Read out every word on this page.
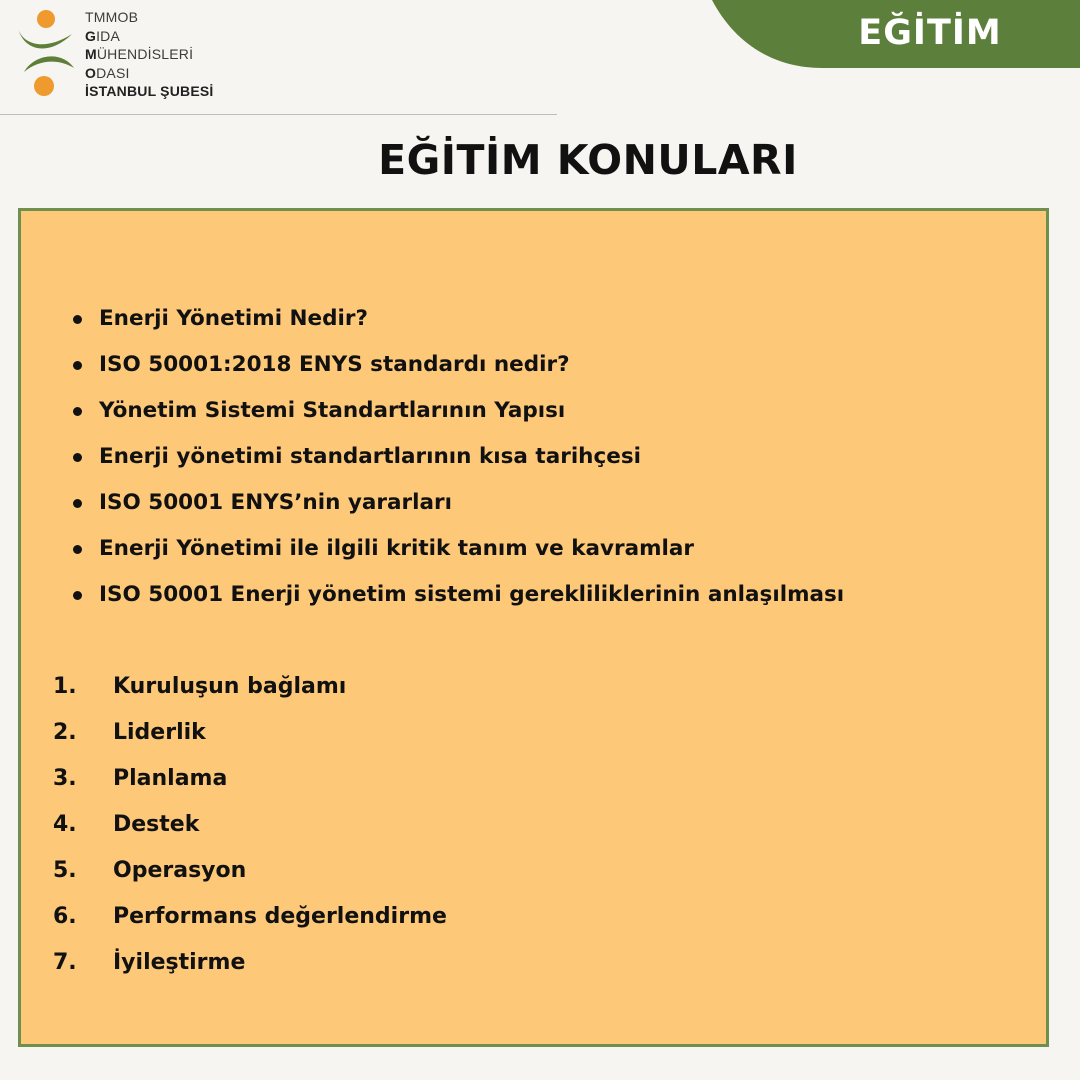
TMMOB
GIDA
MÜHENDİSLERİ
ODASI
İSTANBUL ŞUBESİ
EĞİTİM
EĞİTİM KONULARI
Enerji Yönetimi Nedir?
ISO 50001:2018 ENYS standardı nedir?
Yönetim Sistemi Standartlarının Yapısı
Enerji yönetimi standartlarının kısa tarihçesi
ISO 50001 ENYS’nin yararları
Enerji Yönetimi ile ilgili kritik tanım ve kavramlar
ISO 50001 Enerji yönetim sistemi gerekliliklerinin anlaşılması
1. Kuruluşun bağlamı
2. Liderlik
3. Planlama
4. Destek
5. Operasyon
6. Performans değerlendirme
7. İyileştirme
